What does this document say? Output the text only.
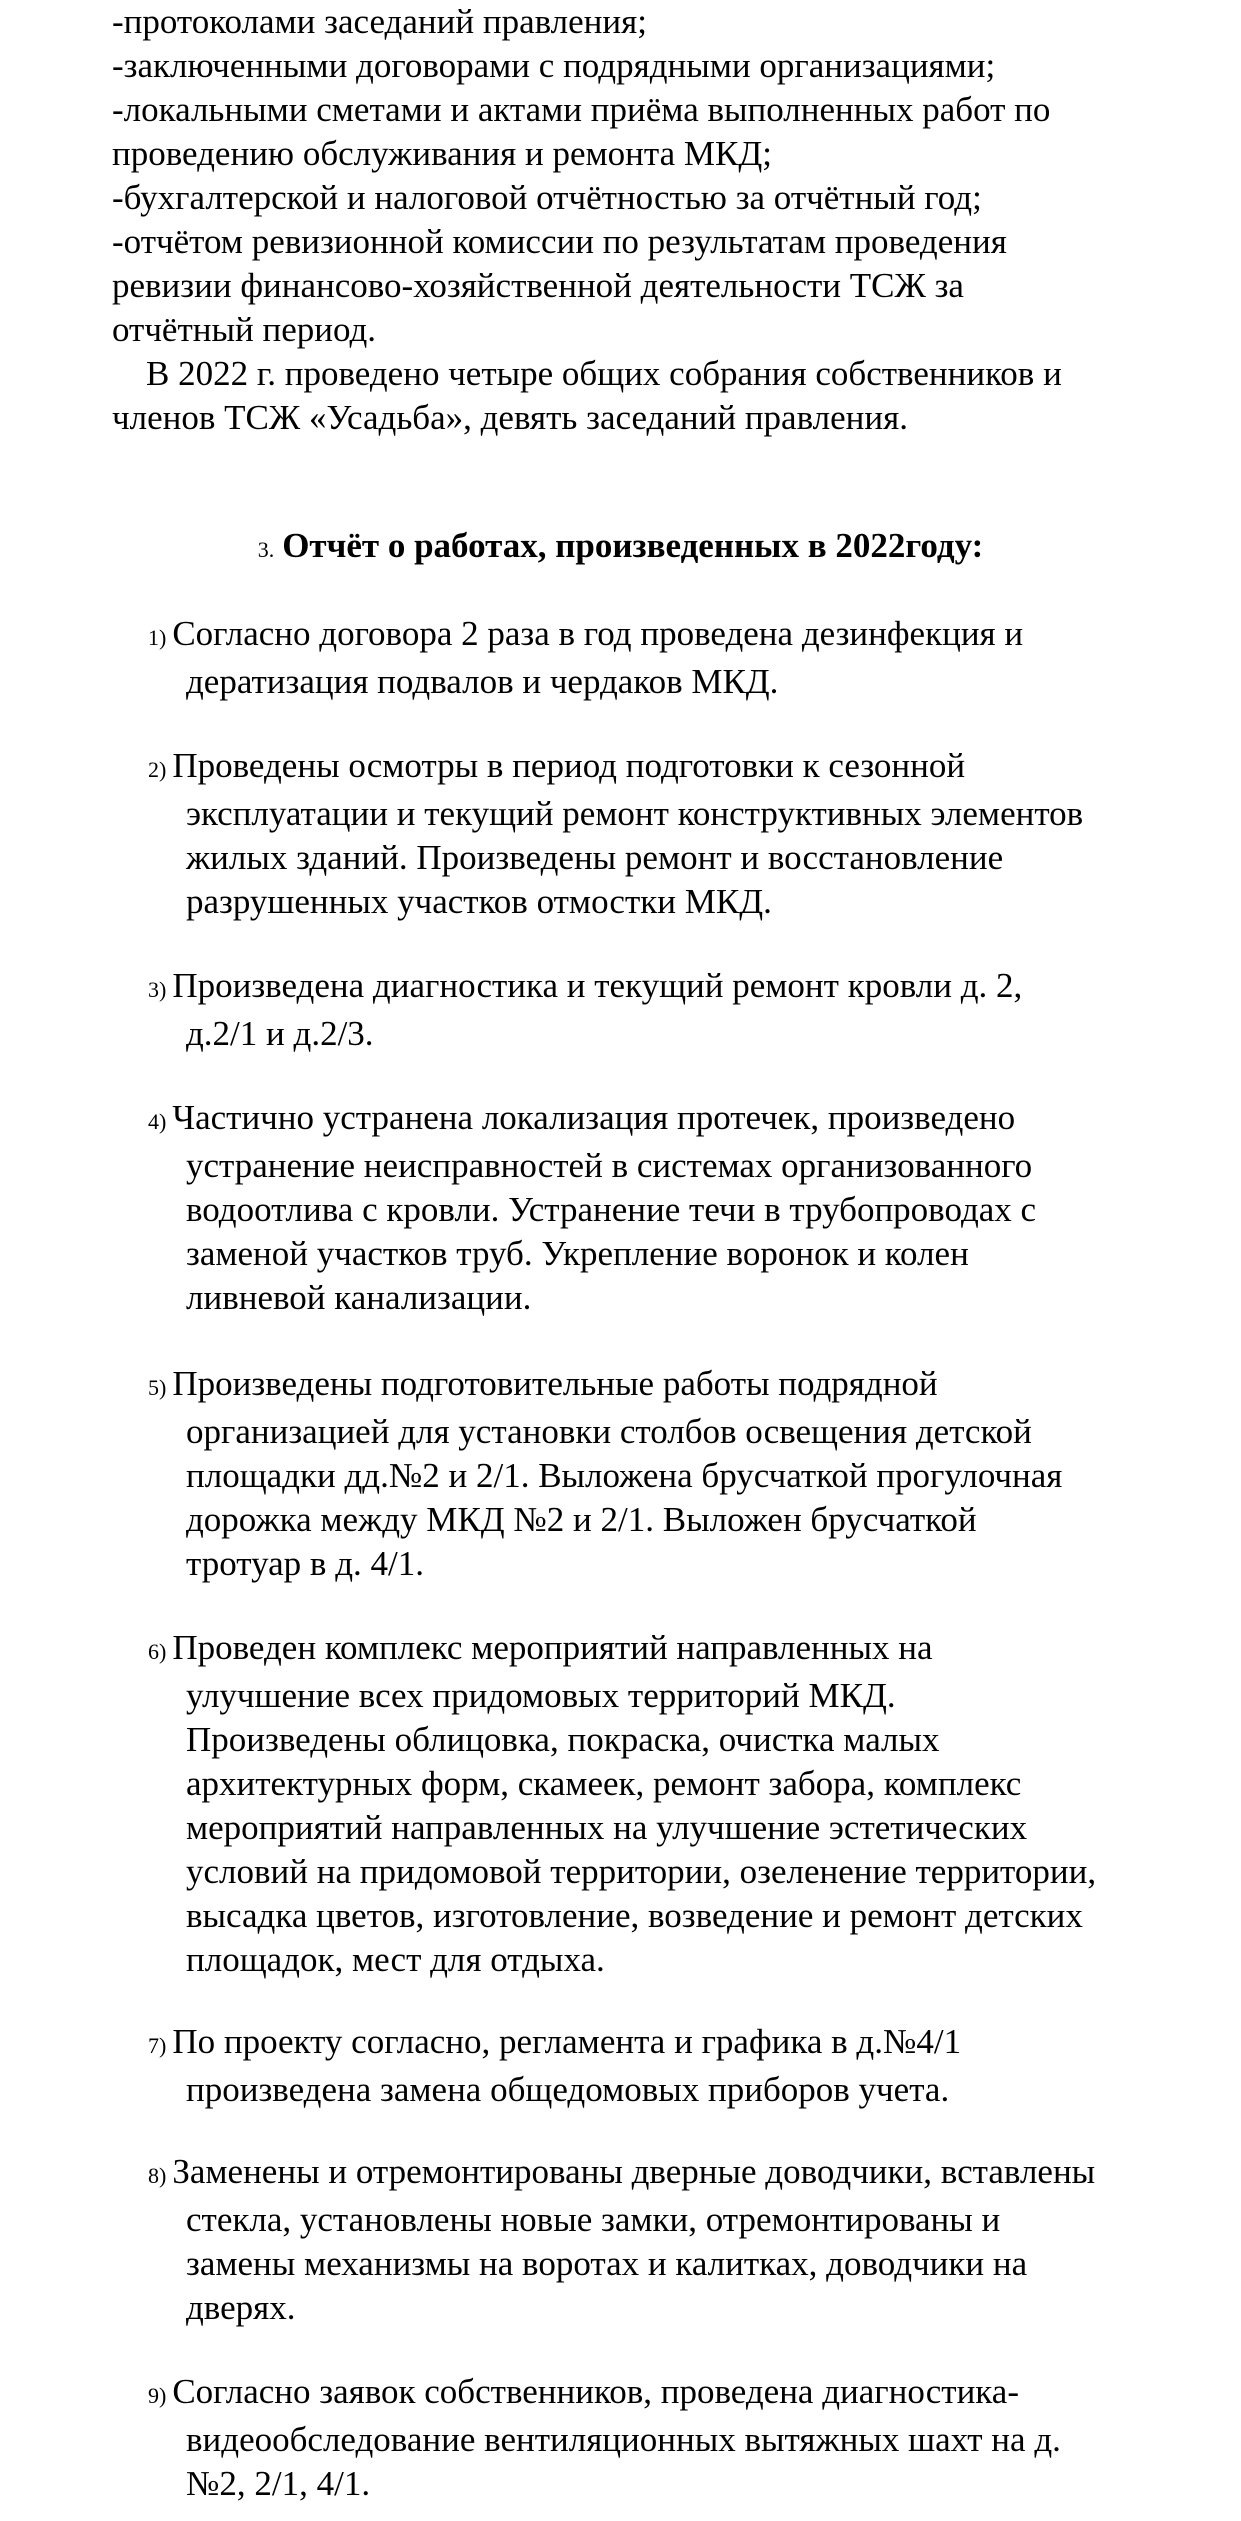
-протоколами заседаний правления;
-заключенными договорами с подрядными организациями;
-локальными сметами и актами приёма выполненных работ по
проведению обслуживания и ремонта МКД;
-бухгалтерской и налоговой отчётностью за отчётный год;
-отчётом ревизионной комиссии по результатам проведения
ревизии финансово-хозяйственной деятельности ТСЖ за
отчётный период.
В 2022 г. проведено четыре общих собрания собственников и
членов ТСЖ «Усадьба», девять заседаний правления.
3. Отчёт о работах, произведенных в 2022году:
1) Согласно договора 2 раза в год проведена дезинфекция и
дератизация подвалов и чердаков МКД.
2) Проведены осмотры в период подготовки к сезонной
эксплуатации и текущий ремонт конструктивных элементов
жилых зданий. Произведены ремонт и восстановление
разрушенных участков отмостки МКД.
3) Произведена диагностика и текущий ремонт кровли д. 2,
д.2/1 и д.2/3.
4) Частично устранена локализация протечек, произведено
устранение неисправностей в системах организованного
водоотлива с кровли. Устранение течи в трубопроводах с
заменой участков труб. Укрепление воронок и колен
ливневой канализации.
5) Произведены подготовительные работы подрядной
организацией для установки столбов освещения детской
площадки дд.№2 и 2/1. Выложена брусчаткой прогулочная
дорожка между МКД №2 и 2/1. Выложен брусчаткой
тротуар в д. 4/1.
6) Проведен комплекс мероприятий направленных на
улучшение всех придомовых территорий МКД.
Произведены облицовка, покраска, очистка малых
архитектурных форм, скамеек, ремонт забора, комплекс
мероприятий направленных на улучшение эстетических
условий на придомовой территории, озеленение территории,
высадка цветов, изготовление, возведение и ремонт детских
площадок, мест для отдыха.
7) По проекту согласно, регламента и графика в д.№4/1
произведена замена общедомовых приборов учета.
8) Заменены и отремонтированы дверные доводчики, вставлены
стекла, установлены новые замки, отремонтированы и
замены механизмы на воротах и калитках, доводчики на
дверях.
9) Согласно заявок собственников, проведена диагностика-
видеообследование вентиляционных вытяжных шахт на д.
№2, 2/1, 4/1.
